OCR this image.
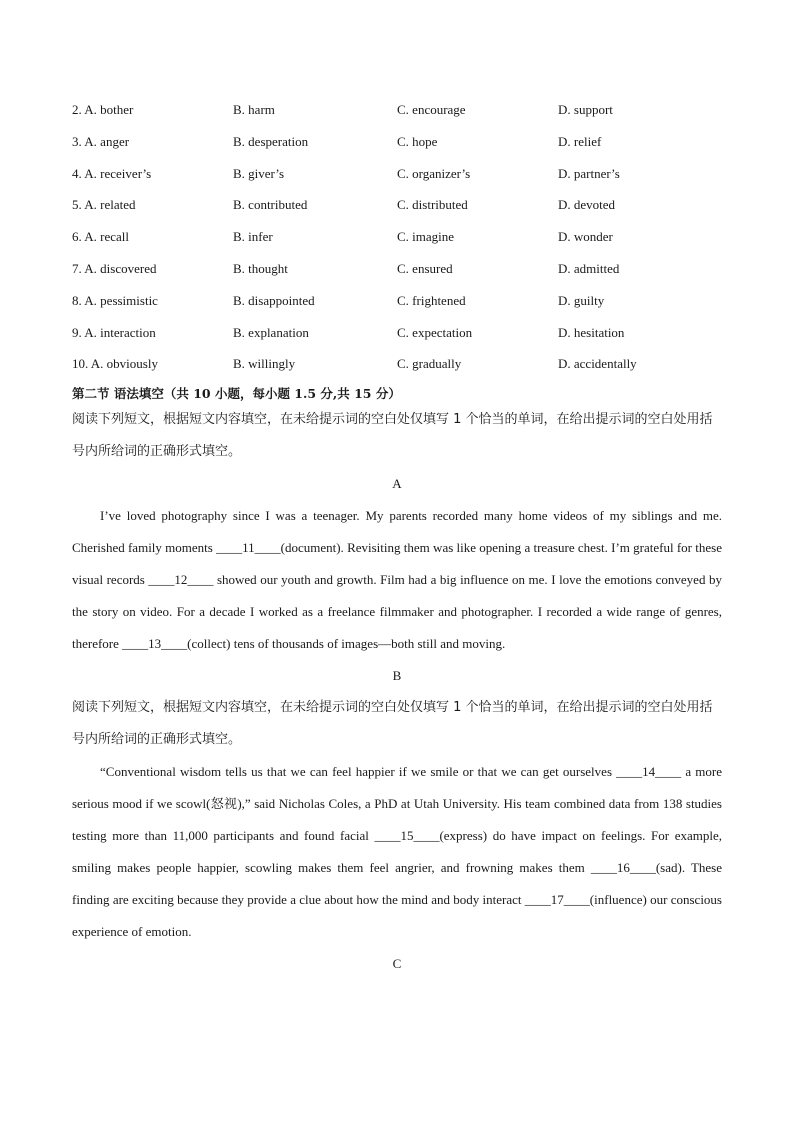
2. A. bother	B. harm	C. encourage	D. support
3. A. anger	B. desperation	C. hope	D. relief
4. A. receiver’s	B. giver’s	C. organizer’s	D. partner’s
5. A. related	B. contributed	C. distributed	D. devoted
6. A. recall	B. infer	C. imagine	D. wonder
7. A. discovered	B. thought	C. ensured	D. admitted
8. A. pessimistic	B. disappointed	C. frightened	D. guilty
9. A. interaction	B. explanation	C. expectation	D. hesitation
10. A. obviously	B. willingly	C. gradually	D. accidentally
第二节 语法填空（共 10 小题，每小题 1.5 分,共 15 分）

阅读下列短文，根据短文内容填空，在未给提示词的空白处仅填写 1 个恰当的单词，在给出提示词的空白处用括号内所给词的正确形式填空。

A

I’ve loved photography since I was a teenager. My parents recorded many home videos of my siblings and me. Cherished family moments ____11____(document). Revisiting them was like opening a treasure chest. I’m grateful for these visual records ____12____ showed our youth and growth. Film had a big influence on me. I love the emotions conveyed by the story on video. For a decade I worked as a freelance filmmaker and photographer. I recorded a wide range of genres, therefore ____13____(collect) tens of thousands of images—both still and moving.

B

阅读下列短文，根据短文内容填空，在未给提示词的空白处仅填写 1 个恰当的单词，在给出提示词的空白处用括号内所给词的正确形式填空。

“Conventional wisdom tells us that we can feel happier if we smile or that we can get ourselves ____14____ a more serious mood if we scowl(怒视),” said Nicholas Coles, a PhD at Utah University. His team combined data from 138 studies testing more than 11,000 participants and found facial ____15____(express) do have impact on feelings. For example, smiling makes people happier, scowling makes them feel angrier, and frowning makes them ____16____(sad). These finding are exciting because they provide a clue about how the mind and body interact ____17____(influence) our conscious experience of emotion.

C
